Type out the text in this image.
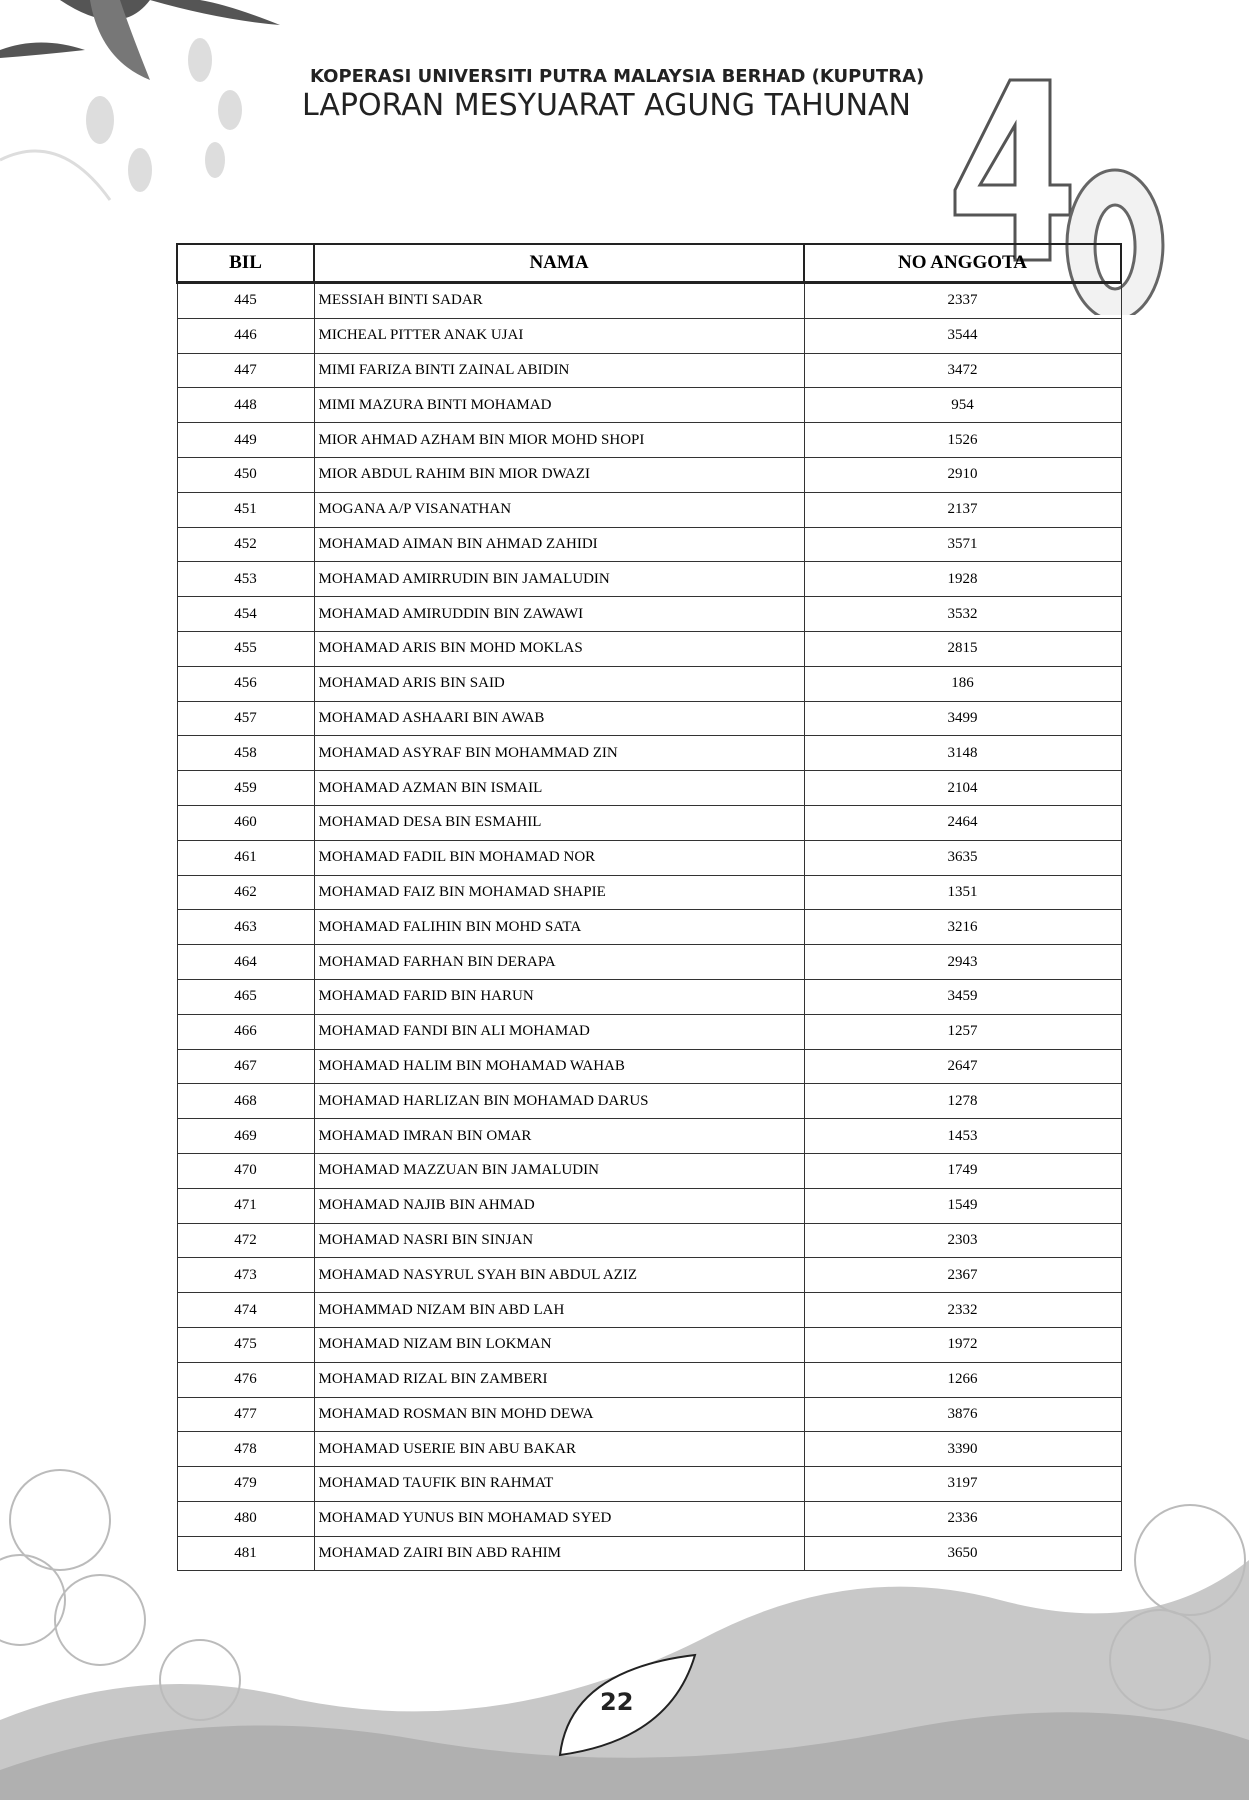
KOPERASI UNIVERSITI PUTRA MALAYSIA BERHAD (KUPUTRA)
LAPORAN MESYUARAT AGUNG TAHUNAN
BIL	NAMA	NO ANGGOTA
445	MESSIAH BINTI SADAR	2337
446	MICHEAL PITTER ANAK UJAI	3544
447	MIMI FARIZA BINTI ZAINAL ABIDIN	3472
448	MIMI MAZURA BINTI MOHAMAD	954
449	MIOR AHMAD AZHAM BIN MIOR MOHD SHOPI	1526
450	MIOR ABDUL RAHIM BIN MIOR DWAZI	2910
451	MOGANA A/P VISANATHAN	2137
452	MOHAMAD AIMAN BIN AHMAD ZAHIDI	3571
453	MOHAMAD AMIRRUDIN BIN JAMALUDIN	1928
454	MOHAMAD AMIRUDDIN BIN ZAWAWI	3532
455	MOHAMAD ARIS BIN MOHD MOKLAS	2815
456	MOHAMAD ARIS BIN SAID	186
457	MOHAMAD ASHAARI BIN AWAB	3499
458	MOHAMAD ASYRAF BIN MOHAMMAD ZIN	3148
459	MOHAMAD AZMAN BIN ISMAIL	2104
460	MOHAMAD DESA BIN ESMAHIL	2464
461	MOHAMAD FADIL BIN MOHAMAD NOR	3635
462	MOHAMAD FAIZ BIN MOHAMAD SHAPIE	1351
463	MOHAMAD FALIHIN BIN MOHD SATA	3216
464	MOHAMAD FARHAN BIN DERAPA	2943
465	MOHAMAD FARID BIN HARUN	3459
466	MOHAMAD FANDI BIN ALI MOHAMAD	1257
467	MOHAMAD HALIM BIN MOHAMAD WAHAB	2647
468	MOHAMAD HARLIZAN BIN MOHAMAD DARUS	1278
469	MOHAMAD IMRAN BIN OMAR	1453
470	MOHAMAD MAZZUAN BIN JAMALUDIN	1749
471	MOHAMAD NAJIB BIN AHMAD	1549
472	MOHAMAD NASRI BIN SINJAN	2303
473	MOHAMAD NASYRUL SYAH BIN ABDUL AZIZ	2367
474	MOHAMMAD NIZAM BIN ABD LAH	2332
475	MOHAMAD NIZAM BIN LOKMAN	1972
476	MOHAMAD RIZAL BIN ZAMBERI	1266
477	MOHAMAD ROSMAN BIN MOHD DEWA	3876
478	MOHAMAD USERIE BIN ABU BAKAR	3390
479	MOHAMAD TAUFIK BIN RAHMAT	3197
480	MOHAMAD YUNUS BIN MOHAMAD SYED	2336
481	MOHAMAD ZAIRI BIN ABD RAHIM	3650
22
